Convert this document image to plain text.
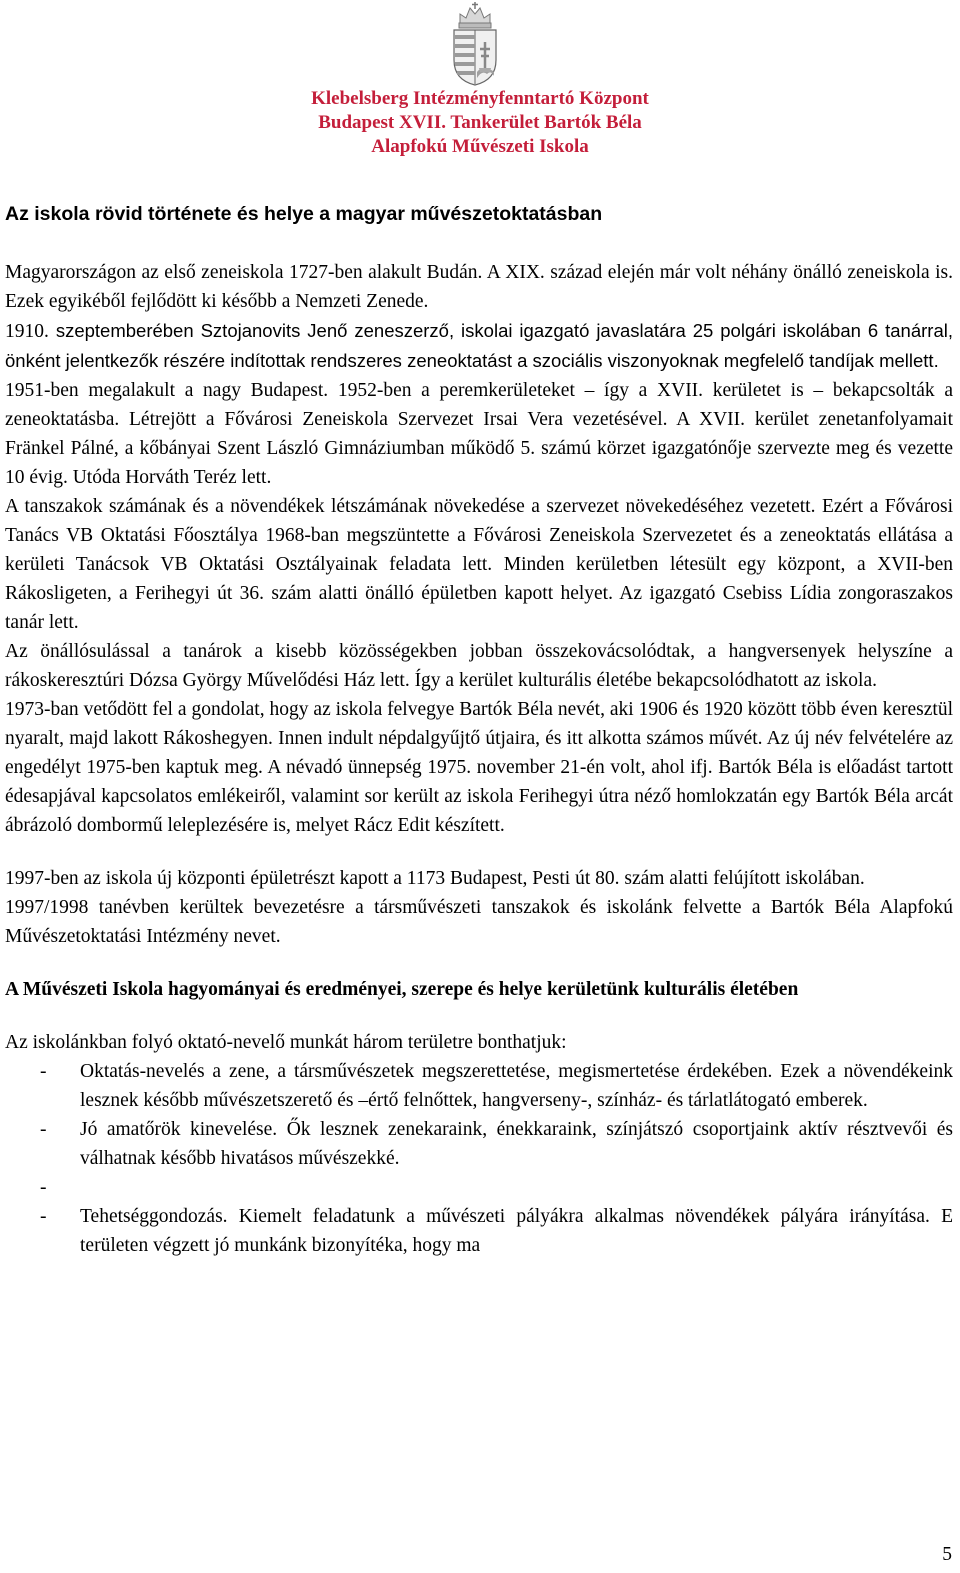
Klebelsberg Intézményfenntartó Központ
Budapest XVII. Tankerület Bartók Béla
Alapfokú Művészeti Iskola

Az iskola rövid története és helye a magyar művészetoktatásban

Magyarországon az első zeneiskola 1727-ben alakult Budán. A XIX. század elején már volt néhány önálló zeneiskola is. Ezek egyikéből fejlődött ki később a Nemzeti Zenede.

1910. szeptemberében Sztojanovits Jenő zeneszerző, iskolai igazgató javaslatára 25 polgári iskolában 6 tanárral, önként jelentkezők részére indítottak rendszeres zeneoktatást a szociális viszonyoknak megfelelő tandíjak mellett.

1951-ben megalakult a nagy Budapest. 1952-ben a peremkerületeket – így a XVII. kerületet is – bekapcsolták a zeneoktatásba. Létrejött a Fővárosi Zeneiskola Szervezet Irsai Vera vezetésével. A XVII. kerület zenetanfolyamait Fränkel Pálné, a kőbányai Szent László Gimnáziumban működő 5. számú körzet igazgatónője szervezte meg és vezette 10 évig. Utóda Horváth Teréz lett.

A tanszakok számának és a növendékek létszámának növekedése a szervezet növekedéséhez vezetett. Ezért a Fővárosi Tanács VB Oktatási Főosztálya 1968-ban megszüntette a Fővárosi Zeneiskola Szervezetet és a zeneoktatás ellátása a kerületi Tanácsok VB Oktatási Osztályainak feladata lett. Minden kerületben létesült egy központ, a XVII-ben Rákosligeten, a Ferihegyi út 36. szám alatti önálló épületben kapott helyet. Az igazgató Csebiss Lídia zongoraszakos tanár lett.

Az önállósulással a tanárok a kisebb közösségekben jobban összekovácsolódtak, a hangversenyek helyszíne a rákoskeresztúri Dózsa György Művelődési Ház lett. Így a kerület kulturális életébe bekapcsolódhatott az iskola.

1973-ban vetődött fel a gondolat, hogy az iskola felvegye Bartók Béla nevét, aki 1906 és 1920 között több éven keresztül nyaralt, majd lakott Rákoshegyen. Innen indult népdalgyűjtő útjaira, és itt alkotta számos művét. Az új név felvételére az engedélyt 1975-ben kaptuk meg. A névadó ünnepség 1975. november 21-én volt, ahol ifj. Bartók Béla is előadást tartott édesapjával kapcsolatos emlékeiről, valamint sor került az iskola Ferihegyi útra néző homlokzatán egy Bartók Béla arcát ábrázoló dombormű leleplezésére is, melyet Rácz Edit készített.

1997-ben az iskola új központi épületrészt kapott a 1173 Budapest, Pesti út 80. szám alatti felújított iskolában.

1997/1998 tanévben kerültek bevezetésre a társművészeti tanszakok és iskolánk felvette a Bartók Béla Alapfokú Művészetoktatási Intézmény nevet.

A Művészeti Iskola hagyományai és eredményei, szerepe és helye kerületünk kulturális életében

Az iskolánkban folyó oktató-nevelő munkát három területre bonthatjuk:

- Oktatás-nevelés a zene, a társművészetek megszerettetése, megismertetése érdekében. Ezek a növendékeink lesznek később művészetszerető és –értő felnőttek, hangverseny-, színház- és tárlatlátogató emberek.
- Jó amatőrök kinevelése. Ők lesznek zenekaraink, énekkaraink, színjátszó csoportjaink aktív résztvevői és válhatnak később hivatásos művészekké.
-
- Tehetséggondozás. Kiemelt feladatunk a művészeti pályákra alkalmas növendékek pályára irányítása. E területen végzett jó munkánk bizonyítéka, hogy ma
5
